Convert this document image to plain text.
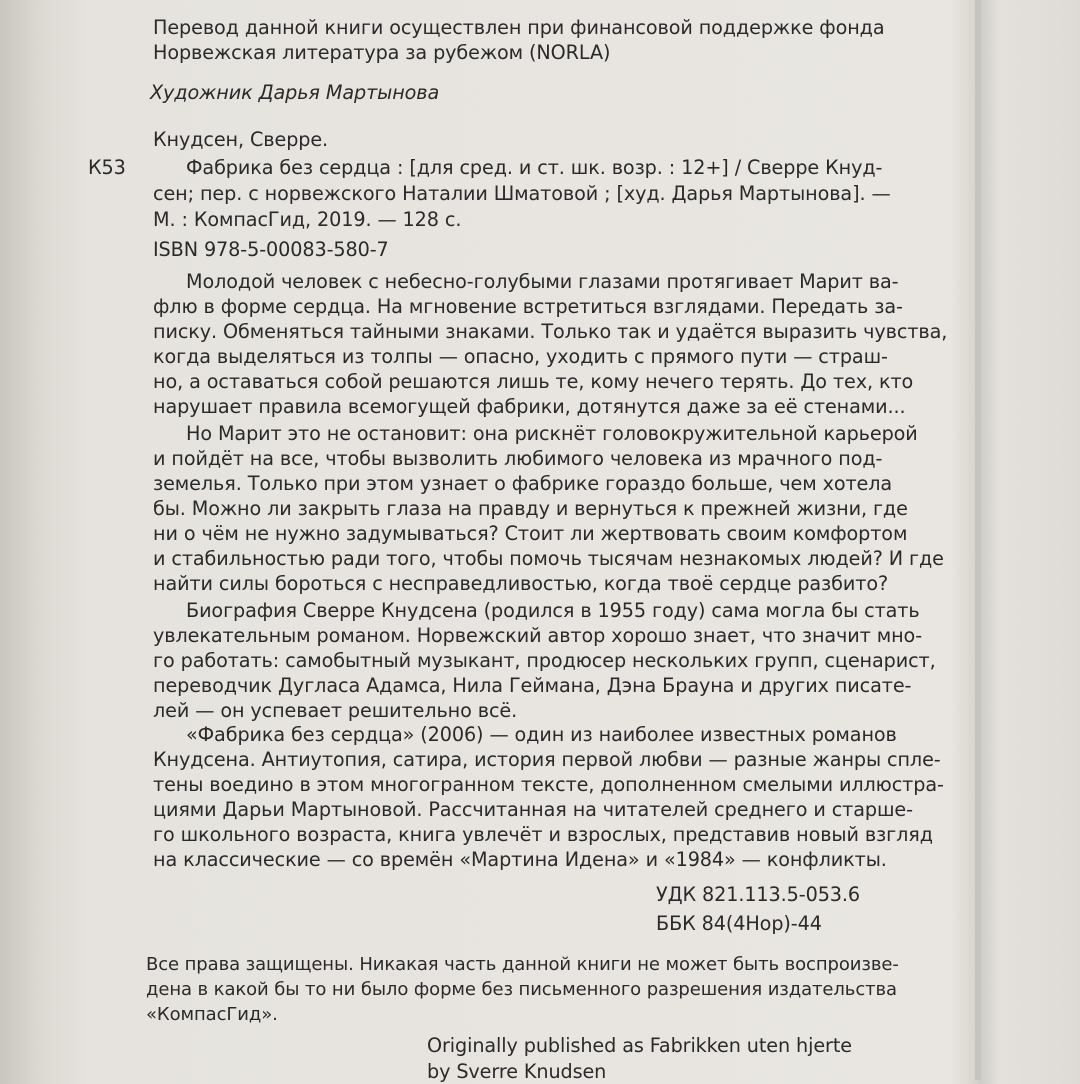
Перевод данной книги осуществлен при финансовой поддержке фонда
Норвежская литература за рубежом (NORLA)
Художник Дарья Мартынова
Кнудсен, Сверре.
К53	Фабрика без сердца : [для сред. и ст. шк. возр. : 12+] / Сверре Кнуд-
сен; пер. с норвежского Наталии Шматовой ; [худ. Дарья Мартынова]. —
М. : КомпасГид, 2019. — 128 с.
ISBN 978-5-00083-580-7
Молодой человек с небесно-голубыми глазами протягивает Марит ва-
флю в форме сердца. На мгновение встретиться взглядами. Передать за-
писку. Обменяться тайными знаками. Только так и удаётся выразить чувства,
когда выделяться из толпы — опасно, уходить с прямого пути — страш-
но, а оставаться собой решаются лишь те, кому нечего терять. До тех, кто
нарушает правила всемогущей фабрики, дотянутся даже за её стенами...
Но Марит это не остановит: она рискнёт головокружительной карьерой
и пойдёт на все, чтобы вызволить любимого человека из мрачного под-
земелья. Только при этом узнает о фабрике гораздо больше, чем хотела
бы. Можно ли закрыть глаза на правду и вернуться к прежней жизни, где
ни о чём не нужно задумываться? Стоит ли жертвовать своим комфортом
и стабильностью ради того, чтобы помочь тысячам незнакомых людей? И где
найти силы бороться с несправедливостью, когда твоё сердце разбито?
Биография Сверре Кнудсена (родился в 1955 году) сама могла бы стать
увлекательным романом. Норвежский автор хорошо знает, что значит мно-
го работать: самобытный музыкант, продюсер нескольких групп, сценарист,
переводчик Дугласа Адамса, Нила Геймана, Дэна Брауна и других писате-
лей — он успевает решительно всё.
«Фабрика без сердца» (2006) — один из наиболее известных романов
Кнудсена. Антиутопия, сатира, история первой любви — разные жанры спле-
тены воедино в этом многогранном тексте, дополненном смелыми иллюстра-
циями Дарьи Мартыновой. Рассчитанная на читателей среднего и старше-
го школьного возраста, книга увлечёт и взрослых, представив новый взгляд
на классические — со времён «Мартина Идена» и «1984» — конфликты.
УДК 821.113.5-053.6
ББК 84(4Нор)-44
Все права защищены. Никакая часть данной книги не может быть воспроизве-
дена в какой бы то ни было форме без письменного разрешения издательства
«КомпасГид».
Originally published as Fabrikken uten hjerte
by Sverre Knudsen
